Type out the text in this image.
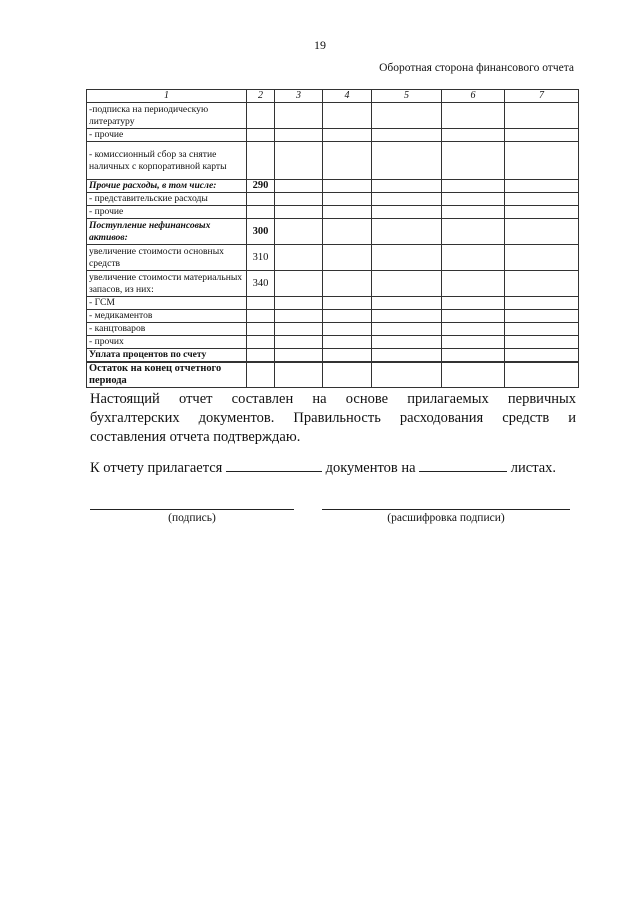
19
Оборотная сторона финансового отчета
1	2	3	4	5	6	7
-подписка на периодическую литературу						
- прочие						
- комиссионный сбор за снятие наличных с корпоративной карты						
Прочие расходы, в том числе:	290					
- представительские расходы						
- прочие						
Поступление нефинансовых активов:	300					
увеличение стоимости основных средств	310					
увеличение стоимости материальных запасов, из них:	340					
- ГСМ						
- медикаментов						
- канцтоваров						
- прочих						
Уплата процентов по счету						
Остаток на конец отчетного периода						
Настоящий отчет составлен на основе прилагаемых первичных
бухгалтерских документов. Правильность расходования средств и
составления отчета подтверждаю.
К отчету прилагается	документов на	листах.
(подпись)	(расшифровка подписи)
